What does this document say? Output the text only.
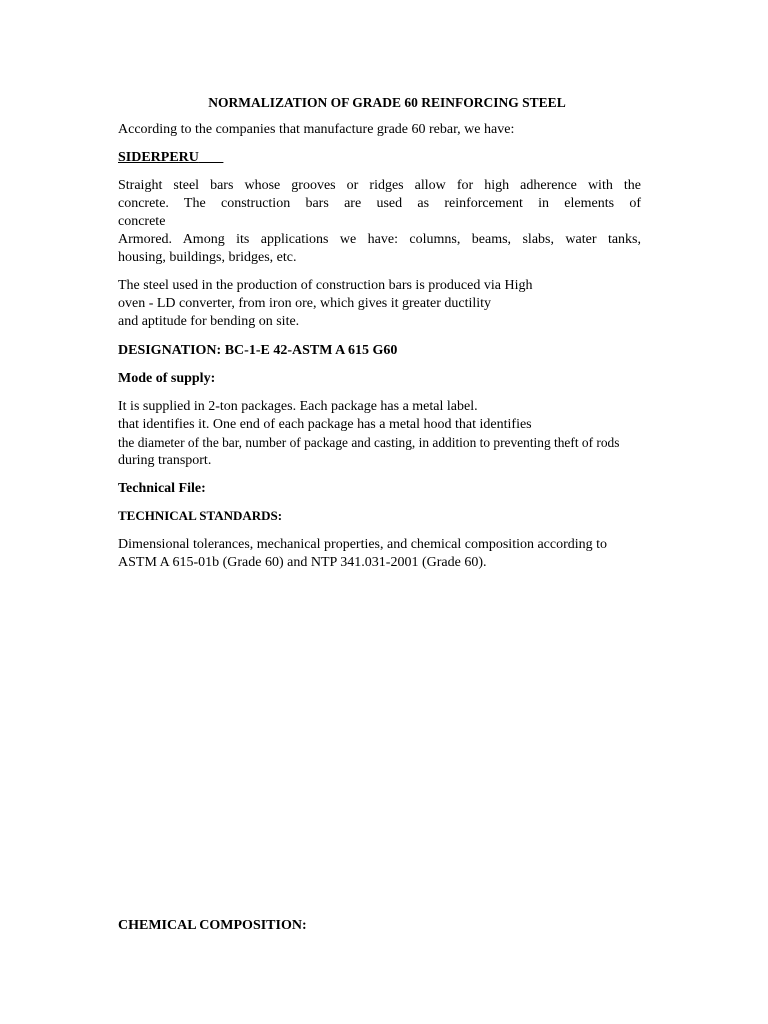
NORMALIZATION OF GRADE 60 REINFORCING STEEL

According to the companies that manufacture grade 60 rebar, we have:

SIDERPERU

Straight steel bars whose grooves or ridges allow for high adherence with the
concrete. The construction bars are used as reinforcement in elements of
concrete
Armored. Among its applications we have: columns, beams, slabs, water tanks,
housing, buildings, bridges, etc.
The steel used in the production of construction bars is produced via High
oven - LD converter, from iron ore, which gives it greater ductility
and aptitude for bending on site.

DESIGNATION: BC-1-E 42-ASTM A 615 G60

Mode of supply:

It is supplied in 2-ton packages. Each package has a metal label.
that identifies it. One end of each package has a metal hood that identifies
the diameter of the bar, number of package and casting, in addition to preventing theft of rods
during transport.

Technical File:

TECHNICAL STANDARDS:

Dimensional tolerances, mechanical properties, and chemical composition according to
ASTM A 615-01b (Grade 60) and NTP 341.031-2001 (Grade 60).

CHEMICAL COMPOSITION:
